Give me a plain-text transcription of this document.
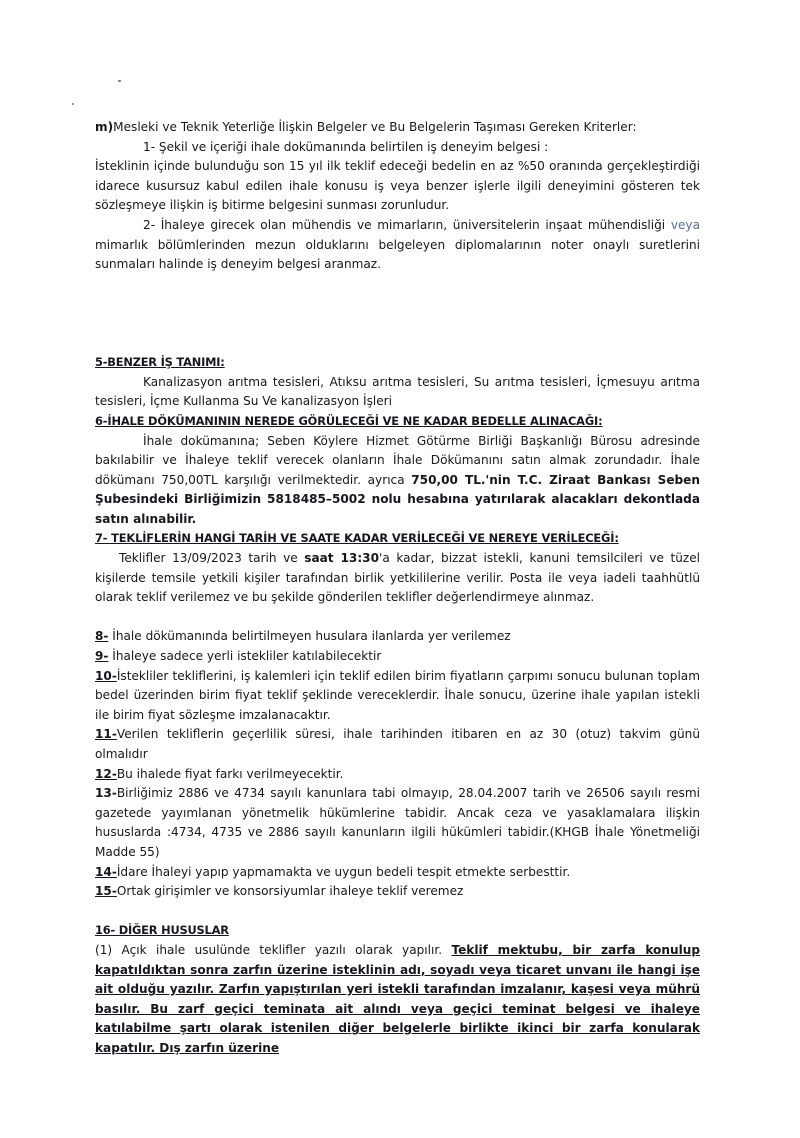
m)Mesleki ve Teknik Yeterliğe İlişkin Belgeler ve Bu Belgelerin Taşıması Gereken Kriterler:

1- Şekil ve içeriği ihale dokümanında belirtilen iş deneyim belgesi :

İsteklinin içinde bulunduğu son 15 yıl ilk teklif edeceği bedelin en az %50 oranında gerçekleştirdiği idarece kusursuz kabul edilen ihale konusu iş veya benzer işlerle ilgili deneyimini gösteren tek sözleşmeye ilişkin iş bitirme belgesini sunması zorunludur.

2- İhaleye girecek olan mühendis ve mimarların, üniversitelerin inşaat mühendisliği veya mimarlık bölümlerinden mezun olduklarını belgeleyen diplomalarının noter onaylı suretlerini sunmaları halinde iş deneyim belgesi aranmaz.

5-BENZER İŞ TANIMI:

Kanalizasyon arıtma tesisleri, Atıksu arıtma tesisleri, Su arıtma tesisleri, İçmesuyu arıtma tesisleri, İçme Kullanma Su Ve kanalizasyon İşleri

6-İHALE DÖKÜMANININ NEREDE GÖRÜLECEĞİ VE NE KADAR BEDELLE ALINACAĞI:

İhale dokümanına; Seben Köylere Hizmet Götürme Birliği Başkanlığı Bürosu adresinde bakılabilir ve İhaleye teklif verecek olanların İhale Dökümanını satın almak zorundadır. İhale dökümanı 750,00TL karşılığı verilmektedir. ayrıca 750,00 TL.'nin T.C. Ziraat Bankası Seben Şubesindeki Birliğimizin 5818485–5002 nolu hesabına yatırılarak alacakları dekontlada satın alınabilir.

7- TEKLİFLERİN HANGİ TARİH VE SAATE KADAR VERİLECEĞİ VE NEREYE VERİLECEĞİ:

Teklifler 13/09/2023 tarih ve saat 13:30'a kadar, bizzat istekli, kanuni temsilcileri ve tüzel kişilerde temsile yetkili kişiler tarafından birlik yetkililerine verilir. Posta ile veya iadeli taahhütlü olarak teklif verilemez ve bu şekilde gönderilen teklifler değerlendirmeye alınmaz.

8- İhale dökümanında belirtilmeyen husulara ilanlarda yer verilemez

9- İhaleye sadece yerli istekliler katılabilecektir

10-İstekliler tekliflerini, iş kalemleri için teklif edilen birim fiyatların çarpımı sonucu bulunan toplam bedel üzerinden birim fiyat teklif şeklinde vereceklerdir. İhale sonucu, üzerine ihale yapılan istekli ile birim fiyat sözleşme imzalanacaktır.

11-Verilen tekliflerin geçerlilik süresi, ihale tarihinden itibaren en az 30 (otuz) takvim günü olmalıdır

12-Bu ihalede fiyat farkı verilmeyecektir.

13-Birliğimiz 2886 ve 4734 sayılı kanunlara tabi olmayıp, 28.04.2007 tarih ve 26506 sayılı resmi gazetede yayımlanan yönetmelik hükümlerine tabidir. Ancak ceza ve yasaklamalara ilişkin hususlarda :4734, 4735 ve 2886 sayılı kanunların ilgili hükümleri tabidir.(KHGB İhale Yönetmeliği Madde 55)

14-İdare İhaleyi yapıp yapmamakta ve uygun bedeli tespit etmekte serbesttir.

15-Ortak girişimler ve konsorsiyumlar ihaleye teklif veremez

16- DİĞER HUSUSLAR

(1) Açık ihale usulünde teklifler yazılı olarak yapılır. Teklif mektubu, bir zarfa konulup kapatıldıktan sonra zarfın üzerine isteklinin adı, soyadı veya ticaret unvanı ile hangi işe ait olduğu yazılır. Zarfın yapıştırılan yeri istekli tarafından imzalanır, kaşesi veya mührü basılır. Bu zarf geçici teminata ait alındı veya geçici teminat belgesi ve ihaleye katılabilme şartı olarak istenilen diğer belgelerle birlikte ikinci bir zarfa konularak kapatılır. Dış zarfın üzerine
